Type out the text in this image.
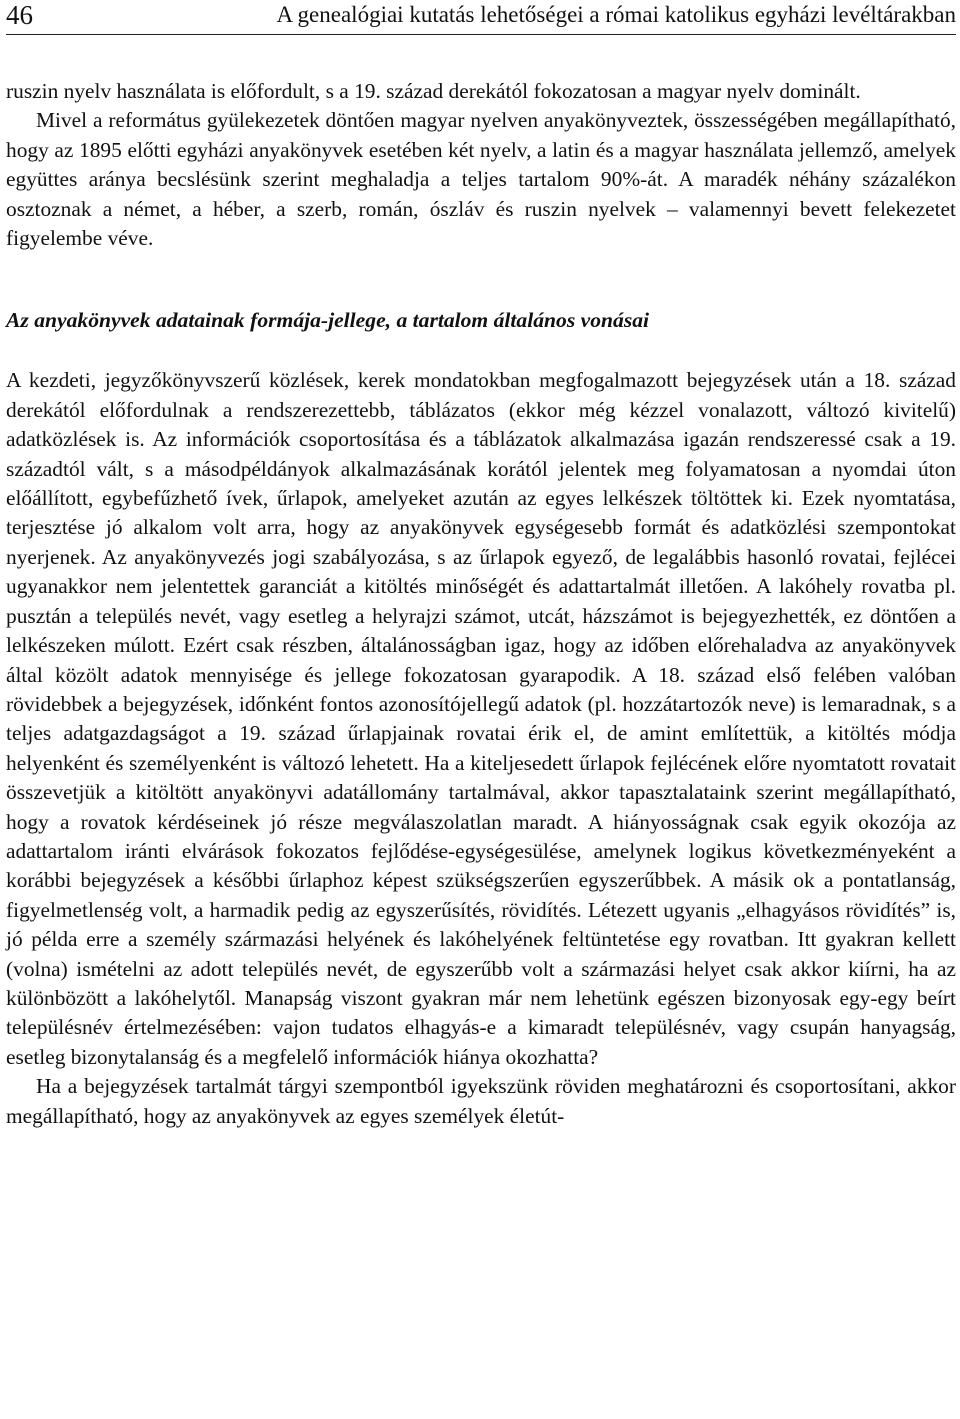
46	A genealógiai kutatás lehetőségei a római katolikus egyházi levéltárakban

ruszin nyelv használata is előfordult, s a 19. század derekától fokozatosan a magyar nyelv dominált.

Mivel a református gyülekezetek döntően magyar nyelven anyakönyveztek, összességében megállapítható, hogy az 1895 előtti egyházi anyakönyvek esetében két nyelv, a latin és a magyar használata jellemző, amelyek együttes aránya becslésünk szerint meghaladja a teljes tartalom 90%-át. A maradék néhány százalékon osztoznak a német, a héber, a szerb, román, ószláv és ruszin nyelvek – valamennyi bevett felekezetet figyelembe véve.

Az anyakönyvek adatainak formája-jellege, a tartalom általános vonásai

A kezdeti, jegyzőkönyvszerű közlések, kerek mondatokban megfogalmazott bejegyzések után a 18. század derekától előfordulnak a rendszerezettebb, táblázatos (ekkor még kézzel vonalazott, változó kivitelű) adatközlések is. Az információk csoportosítása és a táblázatok alkalmazása igazán rendszeressé csak a 19. századtól vált, s a másodpéldányok alkalmazásának korától jelentek meg folyamatosan a nyomdai úton előállított, egybefűzhető ívek, űrlapok, amelyeket azután az egyes lelkészek töltöttek ki. Ezek nyomtatása, terjesztése jó alkalom volt arra, hogy az anyakönyvek egységesebb formát és adatközlési szempontokat nyerjenek. Az anyakönyvezés jogi szabályozása, s az űrlapok egyező, de legalábbis hasonló rovatai, fejlécei ugyanakkor nem jelentettek garanciát a kitöltés minőségét és adattartalmát illetően. A lakóhely rovatba pl. pusztán a település nevét, vagy esetleg a helyrajzi számot, utcát, házszámot is bejegyezhették, ez döntően a lelkészeken múlott. Ezért csak részben, általánosságban igaz, hogy az időben előrehaladva az anyakönyvek által közölt adatok mennyisége és jellege fokozatosan gyarapodik. A 18. század első felében valóban rövidebbek a bejegyzések, időnként fontos azonosítójellegű adatok (pl. hozzátartozók neve) is lemaradnak, s a teljes adatgazdagságot a 19. század űrlapjainak rovatai érik el, de amint említettük, a kitöltés módja helyenként és személyenként is változó lehetett. Ha a kiteljesedett űrlapok fejlécének előre nyomtatott rovatait összevetjük a kitöltött anyakönyvi adatállomány tartalmával, akkor tapasztalataink szerint megállapítható, hogy a rovatok kérdéseinek jó része megválaszolatlan maradt. A hiányosságnak csak egyik okozója az adattartalom iránti elvárások fokozatos fejlődése-egységesülése, amelynek logikus következményeként a korábbi bejegyzések a későbbi űrlaphoz képest szükségszerűen egyszerűbbek. A másik ok a pontatlanság, figyelmetlenség volt, a harmadik pedig az egyszerűsítés, rövidítés. Létezett ugyanis „elhagyásos rövidítés” is, jó példa erre a személy származási helyének és lakóhelyének feltüntetése egy rovatban. Itt gyakran kellett (volna) ismételni az adott település nevét, de egyszerűbb volt a származási helyet csak akkor kiírni, ha az különbözött a lakóhelytől. Manapság viszont gyakran már nem lehetünk egészen bizonyosak egy-egy beírt településnév értelmezésében: vajon tudatos elhagyás-e a kimaradt településnév, vagy csupán hanyagság, esetleg bizonytalanság és a megfelelő információk hiánya okozhatta?

Ha a bejegyzések tartalmát tárgyi szempontból igyekszünk röviden meghatározni és csoportosítani, akkor megállapítható, hogy az anyakönyvek az egyes személyek életút-
